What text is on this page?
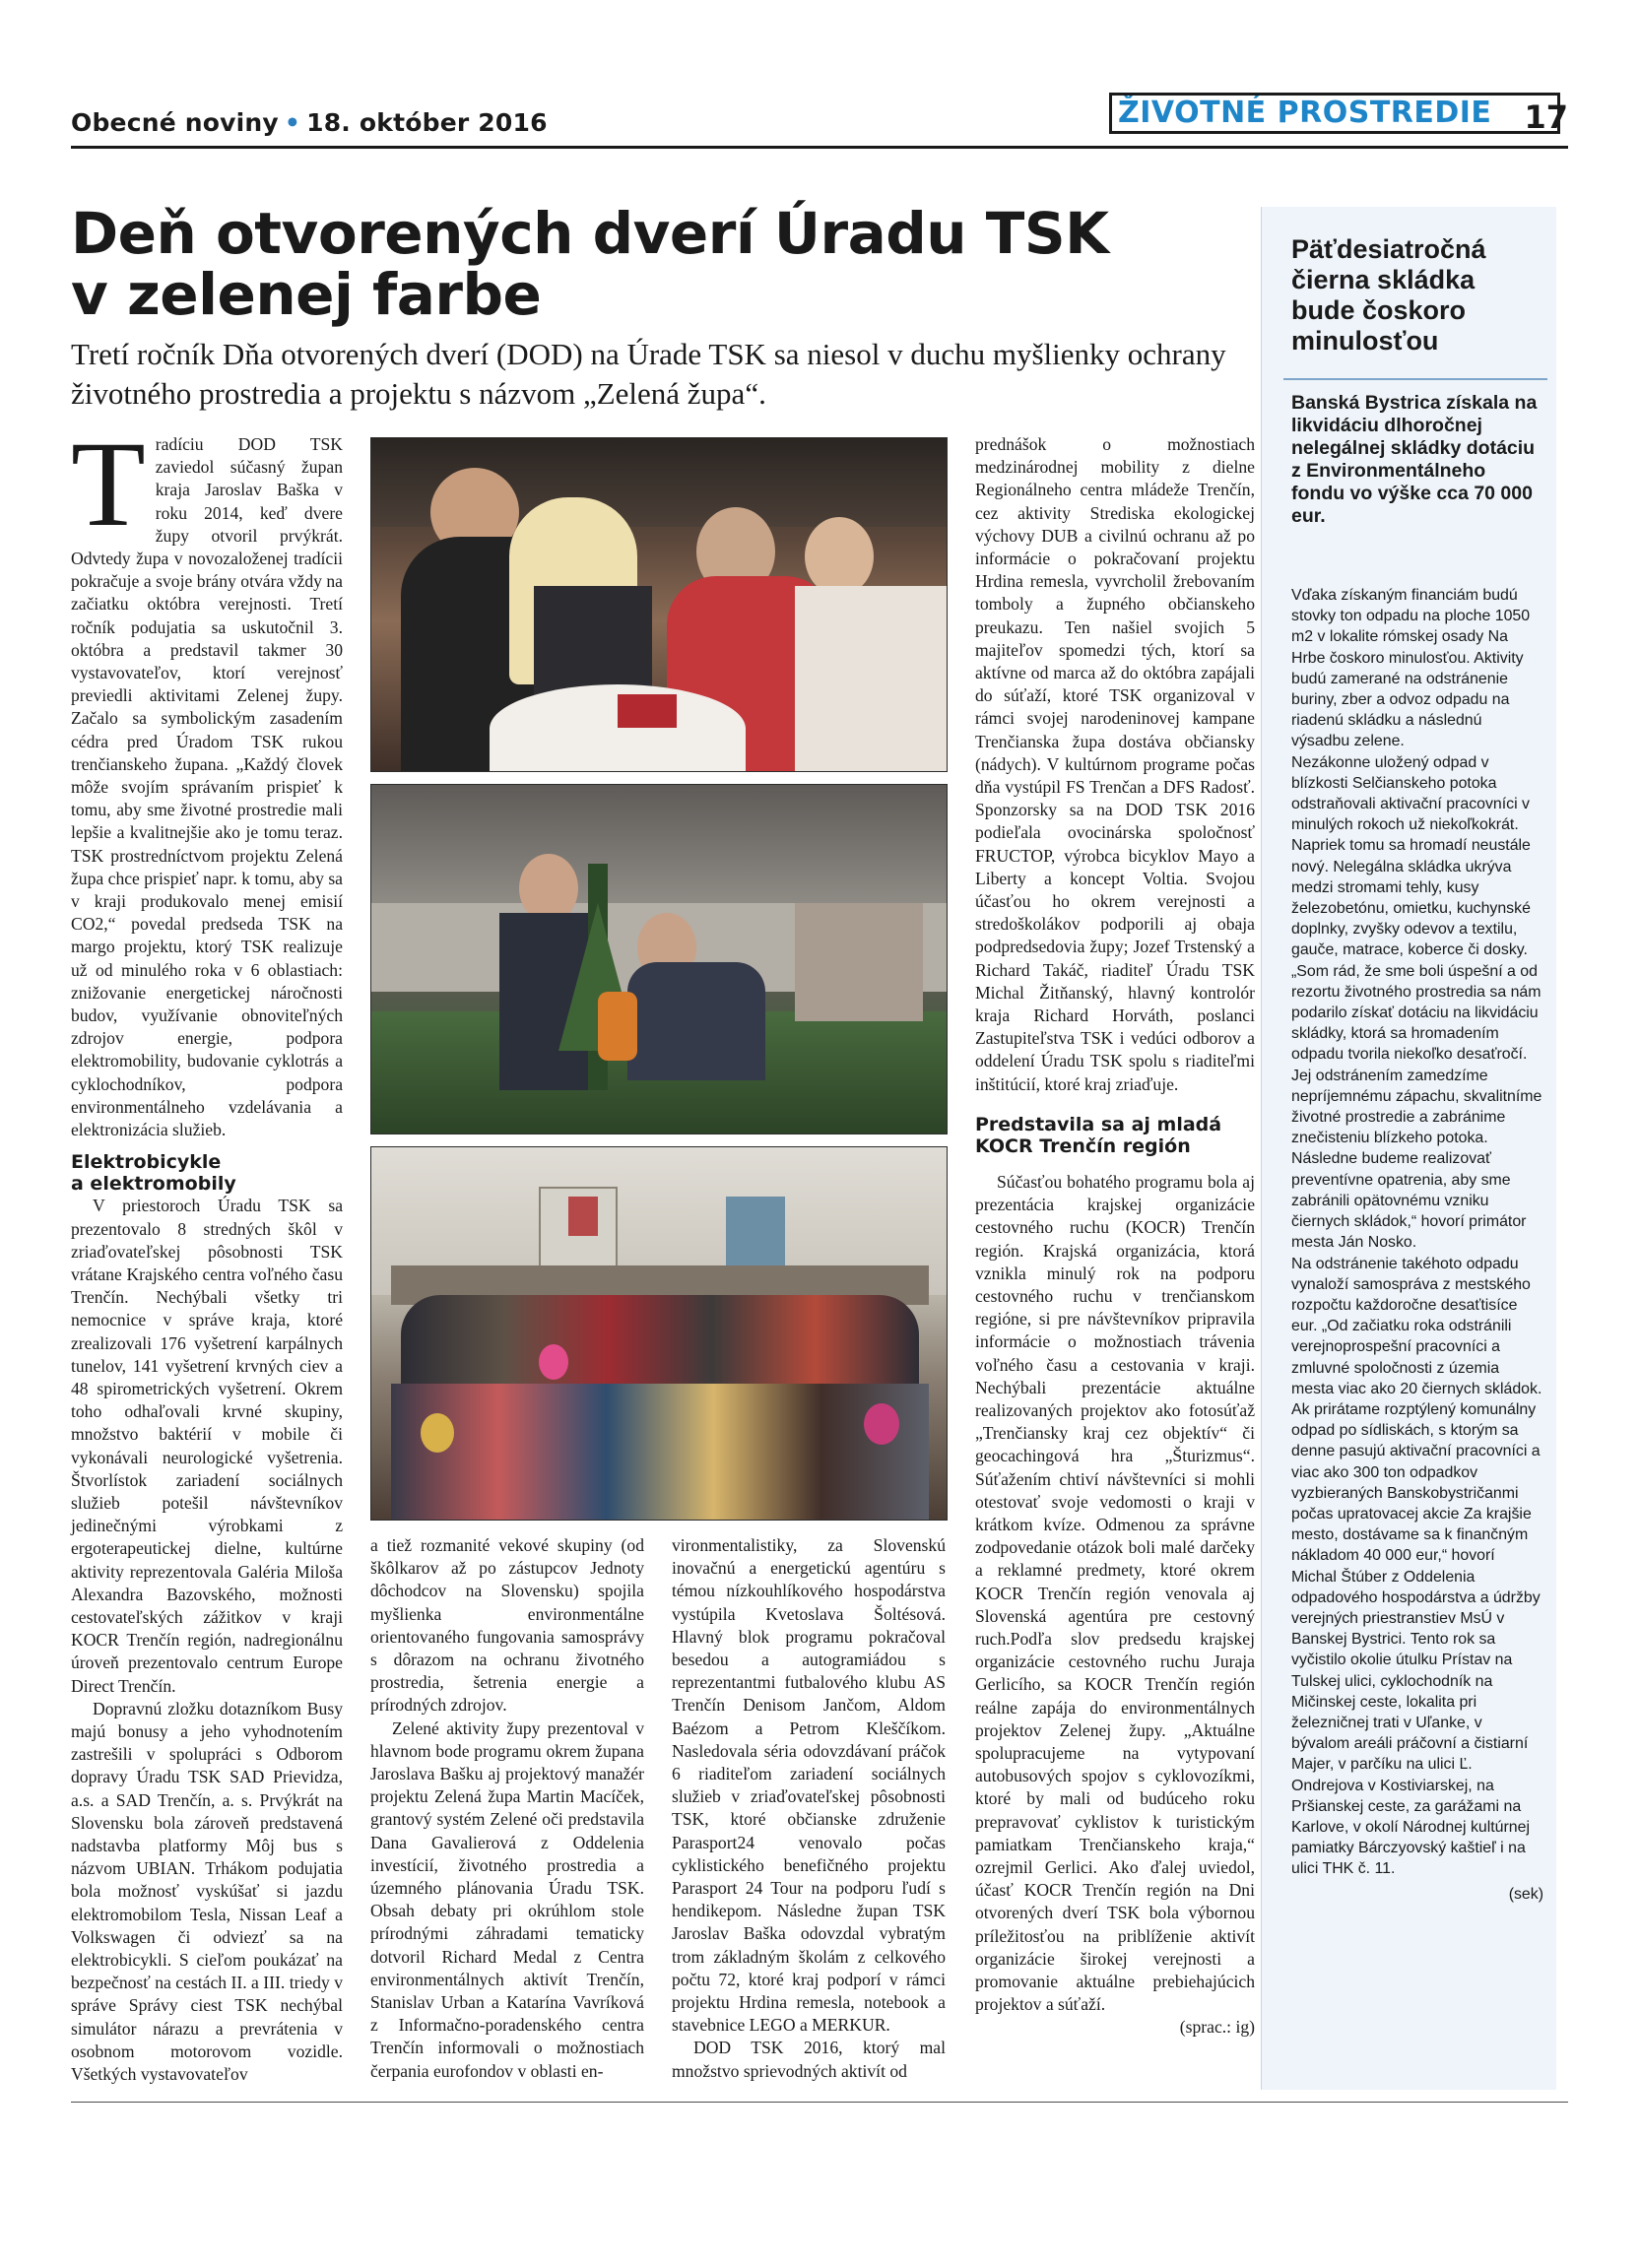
Obecné noviny • 18. október 2016	ŽIVOTNÉ PROSTREDIE	17
Deň otvorených dverí Úradu TSK
v zelenej farbe

Tretí ročník Dňa otvorených dverí (DOD) na Úrade TSK sa niesol v duchu myšlienky ochrany životného prostredia a projektu s názvom „Zelená župa“.

T radíciu DOD TSK zaviedol súčasný župan kraja Jaroslav Baška v roku 2014, keď dvere župy otvoril prvýkrát. Odvtedy župa v novozaloženej tradícii pokračuje a svoje brány otvára vždy na začiatku októbra verejnosti. Tretí ročník podujatia sa uskutočnil 3. októbra a predstavil takmer 30 vystavovateľov, ktorí verejnosť previedli aktivitami Zelenej župy. Začalo sa symbolickým zasadením cédra pred Úradom TSK rukou trenčianskeho župana. „Každý človek môže svojím správaním prispieť k tomu, aby sme životné prostredie mali lepšie a kvalitnejšie ako je tomu teraz. TSK prostredníctvom projektu Zelená župa chce prispieť napr. k tomu, aby sa v kraji produkovalo menej emisií CO2,“ povedal predseda TSK na margo projektu, ktorý TSK realizuje už od minulého roka v 6 oblastiach: znižovanie energetickej náročnosti budov, využívanie obnoviteľných zdrojov energie, podpora elektromobility, budovanie cyklotrás a cyklochodníkov, podpora environmentálneho vzdelávania a elektronizácia služieb.

Elektrobicykle
a elektromobily

V priestoroch Úradu TSK sa prezentovalo 8 stredných škôl v zriaďovateľskej pôsobnosti TSK vrátane Krajského centra voľného času Trenčín. Nechýbali všetky tri nemocnice v správe kraja, ktoré zrealizovali 176 vyšetrení karpálnych tunelov, 141 vyšetrení krvných ciev a 48 spirometrických vyšetrení. Okrem toho odhaľovali krvné skupiny, množstvo baktérií v mobile či vykonávali neurologické vyšetrenia. Štvorlístok zariadení sociálnych služieb potešil návštevníkov jedinečnými výrobkami z ergoterapeutickej dielne, kultúrne aktivity reprezentovala Galéria Miloša Alexandra Bazovského, možnosti cestovateľských zážitkov v kraji KOCR Trenčín región, nadregionálnu úroveň prezentovalo centrum Europe Direct Trenčín.

Dopravnú zložku dotazníkom Busy majú bonusy a jeho vyhodnotením zastrešili v spolupráci s Odborom dopravy Úradu TSK SAD Prievidza, a.s. a SAD Trenčín, a. s. Prvýkrát na Slovensku bola zároveň predstavená nadstavba platformy Môj bus s názvom UBIAN. Trhákom podujatia bola možnosť vyskúšať si jazdu elektromobilom Tesla, Nissan Leaf a Volkswagen či odviezť sa na elektrobicykli. S cieľom poukázať na bezpečnosť na cestách II. a III. triedy v správe Správy ciest TSK nechýbal simulátor nárazu a prevrátenia v osobnom motorovom vozidle. Všetkých vystavovateľov

a tiež rozmanité vekové skupiny (od škôlkarov až po zástupcov Jednoty dôchodcov na Slovensku) spojila myšlienka environmentálne orientovaného fungovania samosprávy s dôrazom na ochranu životného prostredia, šetrenia energie a prírodných zdrojov.

Zelené aktivity župy prezentoval v hlavnom bode programu okrem župana Jaroslava Bašku aj projektový manažér projektu Zelená župa Martin Macíček, grantový systém Zelené oči predstavila Dana Gavalierová z Oddelenia investícií, životného prostredia a územného plánovania Úradu TSK. Obsah debaty pri okrúhlom stole prírodnými záhradami tematicky dotvoril Richard Medal z Centra environmentálnych aktivít Trenčín, Stanislav Urban a Katarína Vavríková z Informačno-poradenského centra Trenčín informovali o možnostiach čerpania eurofondov v oblasti en-

vironmentalistiky, za Slovenskú inovačnú a energetickú agentúru s témou nízkouhlíkového hospodárstva vystúpila Kvetoslava Šoltésová. Hlavný blok programu pokračoval besedou a autogramiádou s reprezentantmi futbalového klubu AS Trenčín Denisom Jančom, Aldom Baézom a Petrom Kleščíkom. Nasledovala séria odovzdávaní práčok 6 riaditeľom zariadení sociálnych služieb v zriaďovateľskej pôsobnosti TSK, ktoré občianske združenie Parasport24 venovalo počas cyklistického benefičného projektu Parasport 24 Tour na podporu ľudí s hendikepom. Následne župan TSK Jaroslav Baška odovzdal vybratým trom základným školám z celkového počtu 72, ktoré kraj podporí v rámci projektu Hrdina remesla, notebook a stavebnice LEGO a MERKUR.

DOD TSK 2016, ktorý mal množstvo sprievodných aktivít od

prednášok o možnostiach medzinárodnej mobility z dielne Regionálneho centra mládeže Trenčín, cez aktivity Strediska ekologickej výchovy DUB a civilnú ochranu až po informácie o pokračovaní projektu Hrdina remesla, vyvrcholil žrebovaním tomboly a župného občianskeho preukazu. Ten našiel svojich 5 majiteľov spomedzi tých, ktorí sa aktívne od marca až do októbra zapájali do súťaží, ktoré TSK organizoval v rámci svojej narodeninovej kampane Trenčianska župa dostáva občiansky (nádych). V kultúrnom programe počas dňa vystúpil FS Trenčan a DFS Radosť. Sponzorsky sa na DOD TSK 2016 podieľala ovocinárska spoločnosť FRUCTOP, výrobca bicyklov Mayo a Liberty a koncept Voltia. Svojou účasťou ho okrem verejnosti a stredoškolákov podporili aj obaja podpredsedovia župy; Jozef Trstenský a Richard Takáč, riaditeľ Úradu TSK Michal Žitňanský, hlavný kontrolór kraja Richard Horváth, poslanci Zastupiteľstva TSK i vedúci odborov a oddelení Úradu TSK spolu s riaditeľmi inštitúcií, ktoré kraj zriaďuje.

Predstavila sa aj mladá
KOCR Trenčín región

Súčasťou bohatého programu bola aj prezentácia krajskej organizácie cestovného ruchu (KOCR) Trenčín región. Krajská organizácia, ktorá vznikla minulý rok na podporu cestovného ruchu v trenčianskom regióne, si pre návštevníkov pripravila informácie o možnostiach trávenia voľného času a cestovania v kraji. Nechýbali prezentácie aktuálne realizovaných projektov ako fotosúťaž „Trenčiansky kraj cez objektív“ či geocachingová hra „Šturizmus“. Súťažením chtiví návštevníci si mohli otestovať svoje vedomosti o kraji v krátkom kvíze. Odmenou za správne zodpovedanie otázok boli malé darčeky a reklamné predmety, ktoré okrem KOCR Trenčín región venovala aj Slovenská agentúra pre cestovný ruch.Podľa slov predsedu krajskej organizácie cestovného ruchu Juraja Gerlicího, sa KOCR Trenčín región reálne zapája do environmentálnych projektov Zelenej župy. „Aktuálne spolupracujeme na vytypovaní autobusových spojov s cyklovozíkmi, ktoré by mali od budúceho roku prepravovať cyklistov k turistickým pamiatkam Trenčianskeho kraja,“ ozrejmil Gerlici. Ako ďalej uviedol, účasť KOCR Trenčín región na Dni otvorených dverí TSK bola výbornou príležitosťou na priblíženie aktivít organizácie širokej verejnosti a promovanie aktuálne prebiehajúcich projektov a súťaží.

(sprac.: ig)

Päťdesiatročná čierna skládka bude čoskoro minulosťou
Banská Bystrica získala na likvidáciu dlhoročnej nelegálnej skládky dotáciu z Environmentálneho fondu vo výške cca 70 000 eur.

Vďaka získaným financiám budú stovky ton odpadu na ploche 1050 m2 v lokalite rómskej osady Na Hrbe čoskoro minulosťou. Aktivity budú zamerané na odstránenie buriny, zber a odvoz odpadu na riadenú skládku a následnú výsadbu zelene.

Nezákonne uložený odpad v blízkosti Selčianskeho potoka odstraňovali aktivační pracovníci v minulých rokoch už niekoľkokrát. Napriek tomu sa hromadí neustále nový. Nelegálna skládka ukrýva medzi stromami tehly, kusy železobetónu, omietku, kuchynské doplnky, zvyšky odevov a textilu, gauče, matrace, koberce či dosky. „Som rád, že sme boli úspešní a od rezortu životného prostredia sa nám podarilo získať dotáciu na likvidáciu skládky, ktorá sa hromadením odpadu tvorila niekoľko desaťročí. Jej odstránením zamedzíme nepríjemnému zápachu, skvalitníme životné prostredie a zabránime znečisteniu blízkeho potoka. Následne budeme realizovať preventívne opatrenia, aby sme zabránili opätovnému vzniku čiernych skládok,“ hovorí primátor mesta Ján Nosko.

Na odstránenie takéhoto odpadu vynaloží samospráva z mestského rozpočtu každoročne desaťtisíce eur. „Od začiatku roka odstránili verejnoprospešní pracovníci a zmluvné spoločnosti z územia mesta viac ako 20 čiernych skládok. Ak prirátame rozptýlený komunálny odpad po sídliskách, s ktorým sa denne pasujú aktivační pracovníci a viac ako 300 ton odpadkov vyzbieraných Banskobystričanmi počas upratovacej akcie Za krajšie mesto, dostávame sa k finančným nákladom 40 000 eur,“ hovorí Michal Štúber z Oddelenia odpadového hospodárstva a údržby verejných priestranstiev MsÚ v Banskej Bystrici. Tento rok sa vyčistilo okolie útulku Prístav na Tulskej ulici, cyklochodník na Mičinskej ceste, lokalita pri železničnej trati v Uľanke, v bývalom areáli práčovní a čistiarní Majer, v parčíku na ulici Ľ. Ondrejova v Kostiviarskej, na Pršianskej ceste, za garážami na Karlove, v okolí Národnej kultúrnej pamiatky Bárczyovský kaštieľ i na ulici THK č. 11.

(sek)
